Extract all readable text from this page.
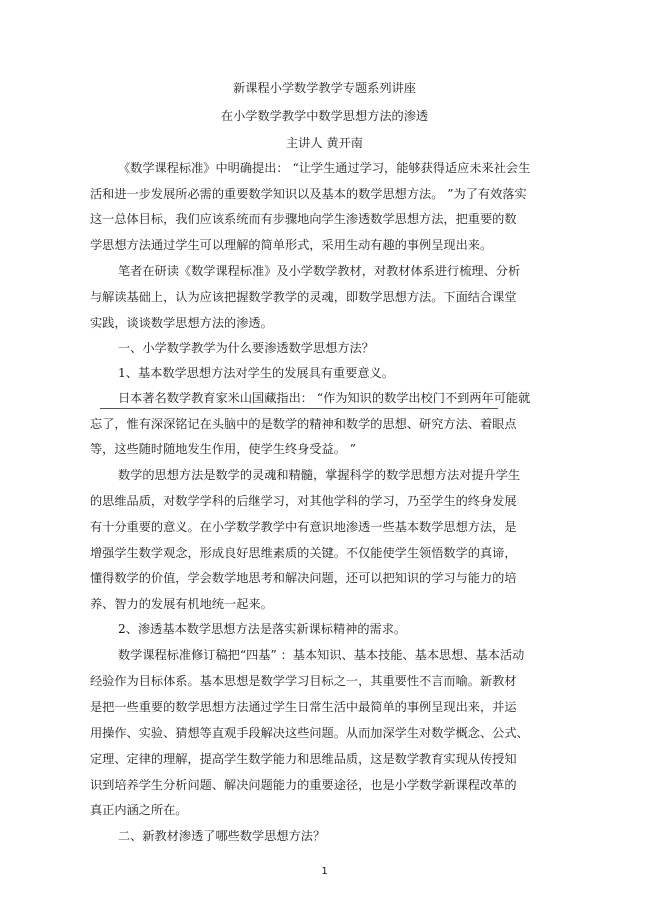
新课程小学数学教学专题系列讲座
在小学数学教学中数学思想方法的渗透
主讲人 黄开南
《数学课程标准》中明确提出： “让学生通过学习，能够获得适应未来社会生
活和进一步发展所必需的重要数学知识以及基本的数学思想方法。 ”为了有效落实
这一总体目标，我们应该系统而有步骤地向学生渗透数学思想方法，把重要的数
学思想方法通过学生可以理解的简单形式，采用生动有趣的事例呈现出来。
笔者在研读《数学课程标准》及小学数学教材，对教材体系进行梳理、分析
与解读基础上，认为应该把握数学教学的灵魂，即数学思想方法。下面结合课堂
实践，谈谈数学思想方法的渗透。
一、小学数学教学为什么要渗透数学思想方法？
1、基本数学思想方法对学生的发展具有重要意义。
日本著名数学教育家米山国藏指出： “作为知识的数学出校门不到两年可能就
忘了，惟有深深铭记在头脑中的是数学的精神和数学的思想、研究方法、着眼点
等，这些随时随地发生作用，使学生终身受益。 ”
数学的思想方法是数学的灵魂和精髓，掌握科学的数学思想方法对提升学生
的思维品质，对数学学科的后继学习，对其他学科的学习，乃至学生的终身发展
有十分重要的意义。在小学数学教学中有意识地渗透一些基本数学思想方法，是
增强学生数学观念，形成良好思维素质的关键。不仅能使学生领悟数学的真谛，
懂得数学的价值，学会数学地思考和解决问题，还可以把知识的学习与能力的培
养、智力的发展有机地统一起来。
2、渗透基本数学思想方法是落实新课标精神的需求。
数学课程标准修订稿把“四基” ：基本知识、基本技能、基本思想、基本活动
经验作为目标体系。基本思想是数学学习目标之一，其重要性不言而喻。新教材
是把一些重要的数学思想方法通过学生日常生活中最简单的事例呈现出来，并运
用操作、实验、猜想等直观手段解决这些问题。从而加深学生对数学概念、公式、
定理、定律的理解，提高学生数学能力和思维品质，这是数学教育实现从传授知
识到培养学生分析问题、解决问题能力的重要途径，也是小学数学新课程改革的
真正内涵之所在。
二、新教材渗透了哪些数学思想方法？
1
